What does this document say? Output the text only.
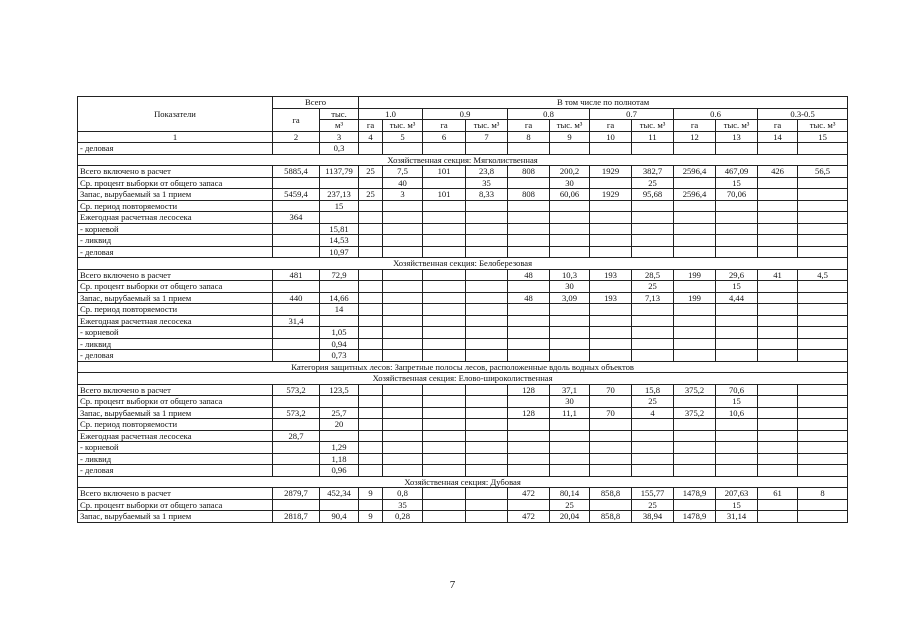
Показатели	Всего		В том числе по полнотам											
	га	тыс.	1.0		0.9		0.8		0.7		0.6		0.3-0.5	
		м³	га	тыс. м³	га	тыс. м³	га	тыс. м³	га	тыс. м³	га	тыс. м³	га	тыс. м³
1	2	3	4	5	6	7	8	9	10	11	12	13	14	15
- деловая		0,3												
Хозяйственная секция: Мягколиственная														
Всего включено в расчет	5885,4	1137,79	25	7,5	101	23,8	808	200,2	1929	382,7	2596,4	467,09	426	56,5
Ср. процент выборки от общего запаса				40		35		30		25		15		
Запас, вырубаемый за 1 прием	5459,4	237,13	25	3	101	8,33	808	60,06	1929	95,68	2596,4	70,06		
Ср. период повторяемости		15												
Ежегодная расчетная лесосека	364													
- корневой		15,81												
- ликвид		14,53												
- деловая		10,97												
Хозяйственная секция: Белоберезовая														
Всего включено в расчет	481	72,9					48	10,3	193	28,5	199	29,6	41	4,5
Ср. процент выборки от общего запаса								30		25		15		
Запас, вырубаемый за 1 прием	440	14,66					48	3,09	193	7,13	199	4,44		
Ср. период повторяемости		14												
Ежегодная расчетная лесосека	31,4													
- корневой		1,05												
- ликвид		0,94												
- деловая		0,73												
Категория защитных лесов: Запретные полосы лесов, расположенные вдоль водных объектов														
Хозяйственная секция: Елово-широколиственная														
Всего включено в расчет	573,2	123,5					128	37,1	70	15,8	375,2	70,6		
Ср. процент выборки от общего запаса								30		25		15		
Запас, вырубаемый за 1 прием	573,2	25,7					128	11,1	70	4	375,2	10,6		
Ср. период повторяемости		20												
Ежегодная расчетная лесосека	28,7													
- корневой		1,29												
- ликвид		1,18												
- деловая		0,96												
Хозяйственная секция: Дубовая														
Всего включено в расчет	2879,7	452,34	9	0,8			472	80,14	858,8	155,77	1478,9	207,63	61	8
Ср. процент выборки от общего запаса				35				25		25		15		
Запас, вырубаемый за 1 прием	2818,7	90,4	9	0,28			472	20,04	858,8	38,94	1478,9	31,14		
7
